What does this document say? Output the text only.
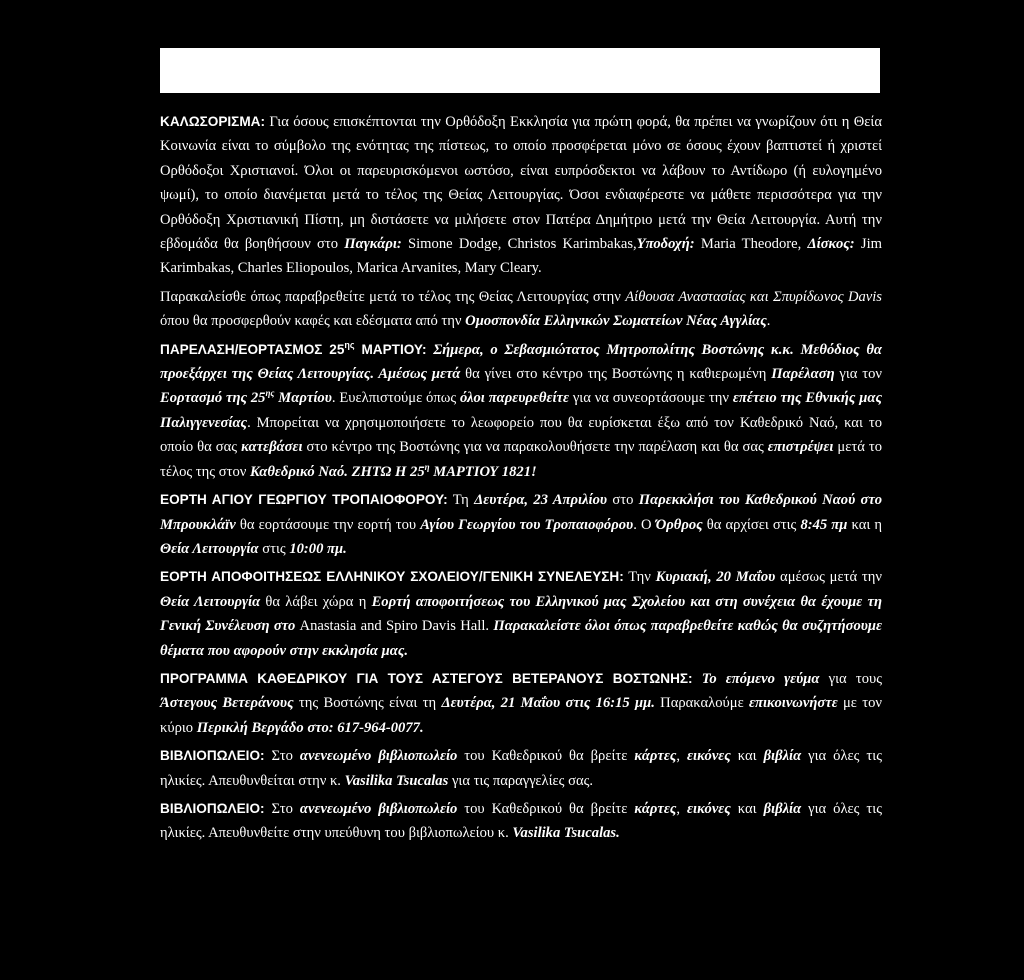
ΚΑΛΩΣΟΡΙΣΜΑ: Για όσους επισκέπτονται την Ορθόδοξη Εκκλησία για πρώτη φορά, θα πρέπει να γνωρίζουν ότι η Θεία Κοινωνία είναι το σύμβολο της ενότητας της πίστεως, το οποίο προσφέρεται μόνο σε όσους έχουν βαπτιστεί ή χριστεί Ορθόδοξοι Χριστιανοί. Όλοι οι παρευρισκόμενοι ωστόσο, είναι ευπρόσδεκτοι να λάβουν το Αντίδωρο (ή ευλογημένο ψωμί), το οποίο διανέμεται μετά το τέλος της Θείας Λειτουργίας. Όσοι ενδιαφέρεστε να μάθετε περισσότερα για την Ορθόδοξη Χριστιανική Πίστη, μη διστάσετε να μιλήσετε στον Πατέρα Δημήτριο μετά την Θεία Λειτουργία. Αυτή την εβδομάδα θα βοηθήσουν στο Παγκάρι: Simone Dodge, Christos Karimbakas,Υποδοχή: Maria Theodore, Δίσκος: Jim Karimbakas, Charles Eliopoulos, Marica Arvanites, Mary Cleary.

Παρακαλείσθε όπως παραβρεθείτε μετά το τέλος της Θείας Λειτουργίας στην Αίθουσα Αναστασίας και Σπυρίδωνος Davis όπου θα προσφερθούν καφές και εδέσματα από την Ομοσπονδία Ελληνικών Σωματείων Νέας Αγγλίας.

ΠΑΡΕΛΑΣΗ/ΕΟΡΤΑΣΜΟΣ $25^{\eta\varsigma}$ ΜΑΡΤΙΟΥ: Σήμερα, ο Σεβασμιώτατος Μητροπολίτης Βοστώνης κ.κ. Μεθόδιος θα προεξάρχει της Θείας Λειτουργίας. Αμέσως μετά θα γίνει στο κέντρο της Βοστώνης η καθιερωμένη Παρέλαση για τον Εορτασμό της $25^{\eta\varsigma}$ Μαρτίου. Ευελπιστούμε όπως όλοι παρευρεθείτε για να συνεορτάσουμε την επέτειο της Εθνικής μας Παλιγγενεσίας. Μπορείται να χρησιμοποιήσετε το λεωφορείο που θα ευρίσκεται έξω από τον Καθεδρικό Ναό, και το οποίο θα σας κατεβάσει στο κέντρο της Βοστώνης για να παρακολουθήσετε την παρέλαση και θα σας επιστρέψει μετά το τέλος της στον Καθεδρικό Ναό. ΖΗΤΩ Η $25^\eta$ ΜΑΡΤΙΟΥ 1821!

ΕΟΡΤΗ ΑΓΙΟΥ ΓΕΩΡΓΙΟΥ ΤΡΟΠΑΙΟΦΟΡΟΥ: Τη Δευτέρα, 23 Απριλίου στο Παρεκκλήσι του Καθεδρικού Ναού στο Μπρουκλάϊν θα εορτάσουμε την εορτή του Αγίου Γεωργίου του Τροπαιοφόρου. Ο Όρθρος θα αρχίσει στις 8:45 πμ και η Θεία Λειτουργία στις 10:00 πμ.

ΕΟΡΤΗ ΑΠΟΦΟΙΤΗΣΕΩΣ ΕΛΛΗΝΙΚΟΥ ΣΧΟΛΕΙΟΥ/ΓΕΝΙΚΗ ΣΥΝΕΛΕΥΣΗ: Την Κυριακή, 20 Μαΐου αμέσως μετά την Θεία Λειτουργία θα λάβει χώρα η Εορτή αποφοιτήσεως του Ελληνικού μας Σχολείου και στη συνέχεια θα έχουμε τη Γενική Συνέλευση στο Anastasia and Spiro Davis Hall. Παρακαλείστε όλοι όπως παραβρεθείτε καθώς θα συζητήσουμε θέματα που αφορούν στην εκκλησία μας.

ΠΡΟΓΡΑΜΜΑ ΚΑΘΕΔΡΙΚΟΥ ΓΙΑ ΤΟΥΣ ΑΣΤΕΓΟΥΣ ΒΕΤΕΡΑΝΟΥΣ ΒΟΣΤΩΝΗΣ: Το επόμενο γεύμα για τους Άστεγους Βετεράνους της Βοστώνης είναι τη Δευτέρα, 21 Μαΐου στις 16:15 μμ. Παρακαλούμε επικοινωνήστε με τον κύριο Περικλή Βεργάδο στο: 617-964-0077.

ΒΙΒΛΙΟΠΩΛΕΙΟ: Στο ανενεωμένο βιβλιοπωλείο του Καθεδρικού θα βρείτε κάρτες, εικόνες και βιβλία για όλες τις ηλικίες. Απευθυνθείται στην κ. Vasilika Tsucalas για τις παραγγελίες σας.

ΒΙΒΛΙΟΠΩΛΕΙΟ: Στο ανενεωμένο βιβλιοπωλείο του Καθεδρικού θα βρείτε κάρτες, εικόνες και βιβλία για όλες τις ηλικίες. Απευθυνθείτε στην υπεύθυνη του βιβλιοπωλείου κ. Vasilika Tsucalas.
